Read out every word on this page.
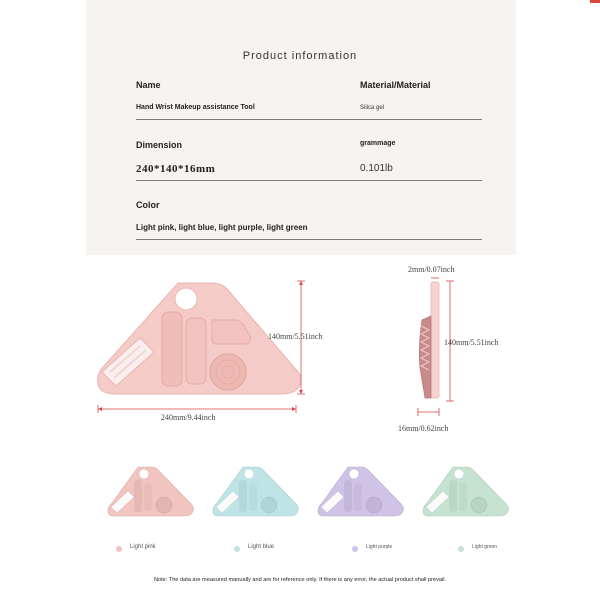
Product information
Name	Material/Material
Hand Wrist Makeup assistance Tool	Silica gel
Dimension	grammage
240*140*16mm	0.101lb
Color
Light pink, light blue, light purple, light green
140mm/5.51inch
240mm/9.44inch
2mm/0.07inch
140mm/5.51inch
16mm/0.62inch
Light pink	Light blue	Light purple	Light green
Note: The data are measured manually and are for reference only. If there is any error, the actual product shall prevail.
